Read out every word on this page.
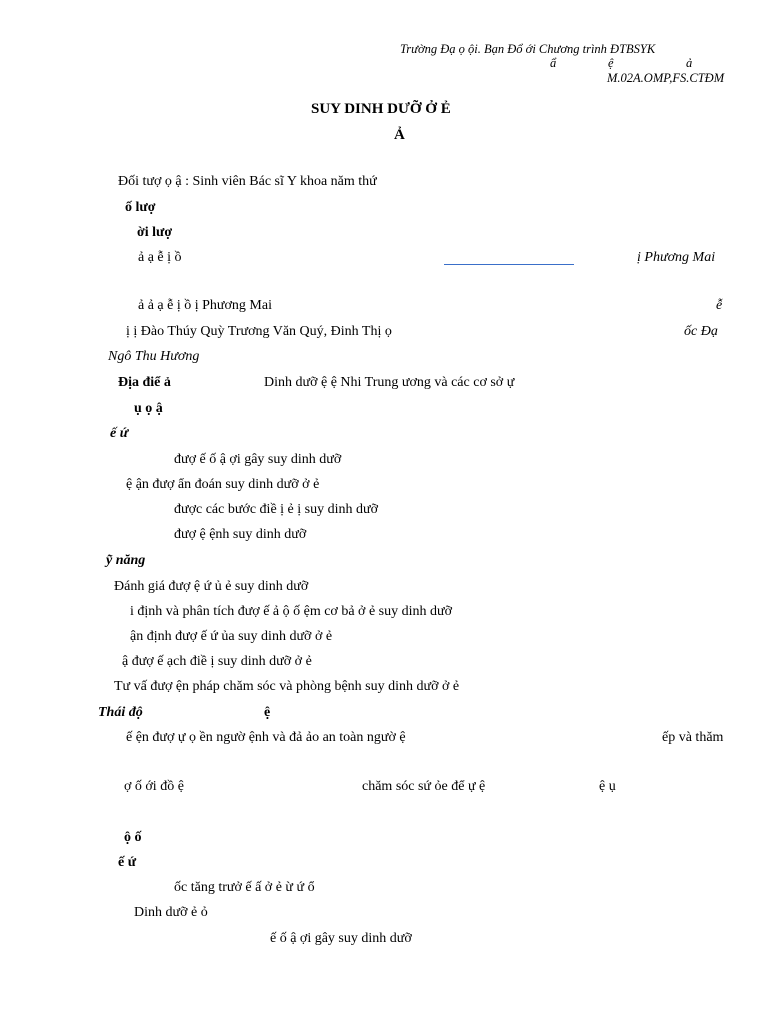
Trường Đạ ọ ội. Bạn Đổ ới Chương trình ĐTBSYK
ẩ	ệ	ả
M.02A.OMP,FS.CTĐM
SUY DINH DƯỠ Ở Ẻ
Ả
Đối tượ ọ ậ : Sinh viên Bác sĩ Y khoa năm thứ
ố lượ
ời lượ
ả ạ ễ ị ồ	ị Phương Mai
ả ả ạ ễ ị ồ ị Phương Mai	ễ
ị ị Đào Thúy Quỳ Trương Văn Quý, Đinh Thị ọ	ốc Đạ
Ngô Thu Hương
Địa điể ả	Dinh dưỡ ệ ệ Nhi Trung ương và các cơ sở ự
ụ ọ ậ
ế ứ
đượ ế ố ậ ợi gây suy dinh dưỡ
ệ ận đượ ẩn đoán suy dinh dưỡ ở ẻ
được các bước điề ị ẻ ị suy dinh dưỡ
đượ ệ ệnh suy dinh dưỡ
ỹ năng
Đánh giá đượ ệ ứ ủ ẻ suy dinh dưỡ
i định và phân tích đượ ế ả ộ ố ệm cơ bả ở ẻ suy dinh dưỡ
ận định đượ ế ứ ủa suy dinh dưỡ ở ẻ
ậ đượ ế ạch điề ị suy dinh dưỡ ở ẻ
Tư vấ đượ ện pháp chăm sóc và phòng bệnh suy dinh dưỡ ở ẻ
Thái độ	ệ
ế ện đượ ự ọ ền ngườ ệnh và đả ảo an toàn ngườ ệ	ếp và thăm
ợ ố ới đồ ệ	chăm sóc sứ ỏe để ự ệ	ệ ụ
ộ ố
ế ứ
ốc tăng trưở ế ấ ở ẻ ừ ứ ổ
Dinh dưỡ ẻ ỏ
ế ố ậ ợi gây suy dinh dưỡ
